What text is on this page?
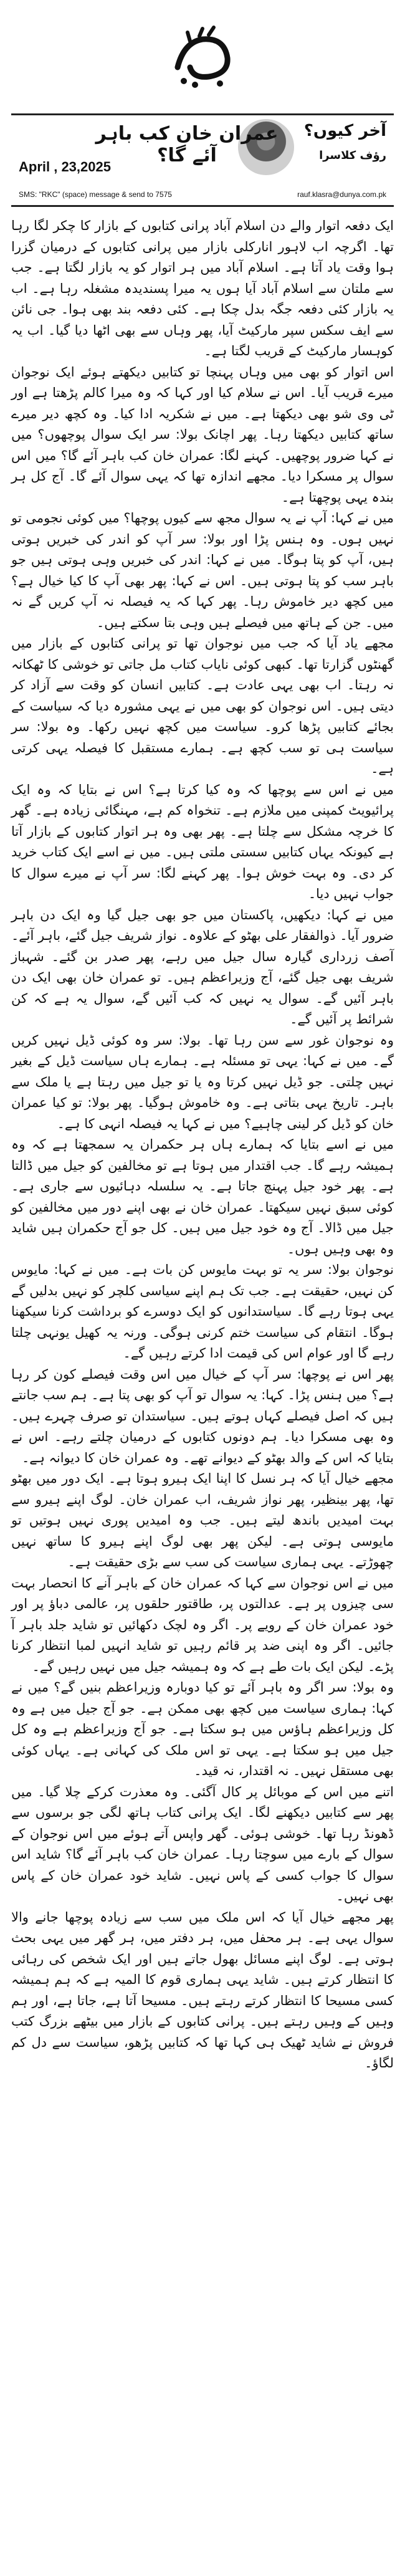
آخر کیوں؟
رؤف کلاسرا
عمران خان کب باہر آئے گا؟
April , 23,2025
SMS: "RKC" (space) message & send to 7575	rauf.klasra@dunya.com.pk

ایک دفعہ اتوار والے دن اسلام آباد پرانی کتابوں کے بازار کا چکر لگا رہا تھا۔ اگرچہ اب لاہور انارکلی بازار میں پرانی کتابوں کے درمیان گزرا ہوا وقت یاد آتا ہے۔ اسلام آباد میں ہر اتوار کو یہ بازار لگتا ہے۔ جب سے ملتان سے اسلام آباد آیا ہوں یہ میرا پسندیدہ مشغلہ رہا ہے۔ اب یہ بازار کئی دفعہ جگہ بدل چکا ہے۔ کئی دفعہ بند بھی ہوا۔ جی نائن سے ایف سکس سپر مارکیٹ آیا، پھر وہاں سے بھی اٹھا دیا گیا۔ اب یہ کوہسار مارکیٹ کے قریب لگتا ہے۔

اس اتوار کو بھی میں وہاں پہنچا تو کتابیں دیکھتے ہوئے ایک نوجوان میرے قریب آیا۔ اس نے سلام کیا اور کہا کہ وہ میرا کالم پڑھتا ہے اور ٹی وی شو بھی دیکھتا ہے۔ میں نے شکریہ ادا کیا۔ وہ کچھ دیر میرے ساتھ کتابیں دیکھتا رہا۔ پھر اچانک بولا: سر ایک سوال پوچھوں؟ میں نے کہا ضرور پوچھیں۔ کہنے لگا: عمران خان کب باہر آئے گا؟ میں اس سوال پر مسکرا دیا۔ مجھے اندازہ تھا کہ یہی سوال آئے گا۔ آج کل ہر بندہ یہی پوچھتا ہے۔

میں نے کہا: آپ نے یہ سوال مجھ سے کیوں پوچھا؟ میں کوئی نجومی تو نہیں ہوں۔ وہ ہنس پڑا اور بولا: سر آپ کو اندر کی خبریں ہوتی ہیں، آپ کو پتا ہوگا۔ میں نے کہا: اندر کی خبریں وہی ہوتی ہیں جو باہر سب کو پتا ہوتی ہیں۔ اس نے کہا: پھر بھی آپ کا کیا خیال ہے؟ میں کچھ دیر خاموش رہا۔ پھر کہا کہ یہ فیصلہ نہ آپ کریں گے نہ میں۔ جن کے ہاتھ میں فیصلے ہیں وہی بتا سکتے ہیں۔

مجھے یاد آیا کہ جب میں نوجوان تھا تو پرانی کتابوں کے بازار میں گھنٹوں گزارتا تھا۔ کبھی کوئی نایاب کتاب مل جاتی تو خوشی کا ٹھکانہ نہ رہتا۔ اب بھی یہی عادت ہے۔ کتابیں انسان کو وقت سے آزاد کر دیتی ہیں۔ اس نوجوان کو بھی میں نے یہی مشورہ دیا کہ سیاست کے بجائے کتابیں پڑھا کرو۔ سیاست میں کچھ نہیں رکھا۔ وہ بولا: سر سیاست ہی تو سب کچھ ہے۔ ہمارے مستقبل کا فیصلہ یہی کرتی ہے۔

میں نے اس سے پوچھا کہ وہ کیا کرتا ہے؟ اس نے بتایا کہ وہ ایک پرائیویٹ کمپنی میں ملازم ہے۔ تنخواہ کم ہے، مہنگائی زیادہ ہے۔ گھر کا خرچہ مشکل سے چلتا ہے۔ پھر بھی وہ ہر اتوار کتابوں کے بازار آتا ہے کیونکہ یہاں کتابیں سستی ملتی ہیں۔ میں نے اسے ایک کتاب خرید کر دی۔ وہ بہت خوش ہوا۔ پھر کہنے لگا: سر آپ نے میرے سوال کا جواب نہیں دیا۔

میں نے کہا: دیکھیں، پاکستان میں جو بھی جیل گیا وہ ایک دن باہر ضرور آیا۔ ذوالفقار علی بھٹو کے علاوہ۔ نواز شریف جیل گئے، باہر آئے۔ آصف زرداری گیارہ سال جیل میں رہے، پھر صدر بن گئے۔ شہباز شریف بھی جیل گئے، آج وزیراعظم ہیں۔ تو عمران خان بھی ایک دن باہر آئیں گے۔ سوال یہ نہیں کہ کب آئیں گے، سوال یہ ہے کہ کن شرائط پر آئیں گے۔

وہ نوجوان غور سے سن رہا تھا۔ بولا: سر وہ کوئی ڈیل نہیں کریں گے۔ میں نے کہا: یہی تو مسئلہ ہے۔ ہمارے ہاں سیاست ڈیل کے بغیر نہیں چلتی۔ جو ڈیل نہیں کرتا وہ یا تو جیل میں رہتا ہے یا ملک سے باہر۔ تاریخ یہی بتاتی ہے۔ وہ خاموش ہوگیا۔ پھر بولا: تو کیا عمران خان کو ڈیل کر لینی چاہیے؟ میں نے کہا یہ فیصلہ انہی کا ہے۔

میں نے اسے بتایا کہ ہمارے ہاں ہر حکمران یہ سمجھتا ہے کہ وہ ہمیشہ رہے گا۔ جب اقتدار میں ہوتا ہے تو مخالفین کو جیل میں ڈالتا ہے۔ پھر خود جیل پہنچ جاتا ہے۔ یہ سلسلہ دہائیوں سے جاری ہے۔ کوئی سبق نہیں سیکھتا۔ عمران خان نے بھی اپنے دور میں مخالفین کو جیل میں ڈالا۔ آج وہ خود جیل میں ہیں۔ کل جو آج حکمران ہیں شاید وہ بھی وہیں ہوں۔

نوجوان بولا: سر یہ تو بہت مایوس کن بات ہے۔ میں نے کہا: مایوس کن نہیں، حقیقت ہے۔ جب تک ہم اپنے سیاسی کلچر کو نہیں بدلیں گے یہی ہوتا رہے گا۔ سیاستدانوں کو ایک دوسرے کو برداشت کرنا سیکھنا ہوگا۔ انتقام کی سیاست ختم کرنی ہوگی۔ ورنہ یہ کھیل یونہی چلتا رہے گا اور عوام اس کی قیمت ادا کرتے رہیں گے۔

پھر اس نے پوچھا: سر آپ کے خیال میں اس وقت فیصلے کون کر رہا ہے؟ میں ہنس پڑا۔ کہا: یہ سوال تو آپ کو بھی پتا ہے۔ ہم سب جانتے ہیں کہ اصل فیصلے کہاں ہوتے ہیں۔ سیاستدان تو صرف چہرے ہیں۔ وہ بھی مسکرا دیا۔ ہم دونوں کتابوں کے درمیان چلتے رہے۔ اس نے بتایا کہ اس کے والد بھٹو کے دیوانے تھے۔ وہ عمران خان کا دیوانہ ہے۔

مجھے خیال آیا کہ ہر نسل کا اپنا ایک ہیرو ہوتا ہے۔ ایک دور میں بھٹو تھا، پھر بینظیر، پھر نواز شریف، اب عمران خان۔ لوگ اپنے ہیرو سے بہت امیدیں باندھ لیتے ہیں۔ جب وہ امیدیں پوری نہیں ہوتیں تو مایوسی ہوتی ہے۔ لیکن پھر بھی لوگ اپنے ہیرو کا ساتھ نہیں چھوڑتے۔ یہی ہماری سیاست کی سب سے بڑی حقیقت ہے۔

میں نے اس نوجوان سے کہا کہ عمران خان کے باہر آنے کا انحصار بہت سی چیزوں پر ہے۔ عدالتوں پر، طاقتور حلقوں پر، عالمی دباؤ پر اور خود عمران خان کے رویے پر۔ اگر وہ لچک دکھائیں تو شاید جلد باہر آ جائیں۔ اگر وہ اپنی ضد پر قائم رہیں تو شاید انہیں لمبا انتظار کرنا پڑے۔ لیکن ایک بات طے ہے کہ وہ ہمیشہ جیل میں نہیں رہیں گے۔

وہ بولا: سر اگر وہ باہر آئے تو کیا دوبارہ وزیراعظم بنیں گے؟ میں نے کہا: ہماری سیاست میں کچھ بھی ممکن ہے۔ جو آج جیل میں ہے وہ کل وزیراعظم ہاؤس میں ہو سکتا ہے۔ جو آج وزیراعظم ہے وہ کل جیل میں ہو سکتا ہے۔ یہی تو اس ملک کی کہانی ہے۔ یہاں کوئی بھی مستقل نہیں۔ نہ اقتدار، نہ قید۔

اتنے میں اس کے موبائل پر کال آگئی۔ وہ معذرت کرکے چلا گیا۔ میں پھر سے کتابیں دیکھنے لگا۔ ایک پرانی کتاب ہاتھ لگی جو برسوں سے ڈھونڈ رہا تھا۔ خوشی ہوئی۔ گھر واپس آتے ہوئے میں اس نوجوان کے سوال کے بارے میں سوچتا رہا۔ عمران خان کب باہر آئے گا؟ شاید اس سوال کا جواب کسی کے پاس نہیں۔ شاید خود عمران خان کے پاس بھی نہیں۔

پھر مجھے خیال آیا کہ اس ملک میں سب سے زیادہ پوچھا جانے والا سوال یہی ہے۔ ہر محفل میں، ہر دفتر میں، ہر گھر میں یہی بحث ہوتی ہے۔ لوگ اپنے مسائل بھول جاتے ہیں اور ایک شخص کی رہائی کا انتظار کرتے ہیں۔ شاید یہی ہماری قوم کا المیہ ہے کہ ہم ہمیشہ کسی مسیحا کا انتظار کرتے رہتے ہیں۔ مسیحا آتا ہے، جاتا ہے، اور ہم وہیں کے وہیں رہتے ہیں۔ پرانی کتابوں کے بازار میں بیٹھے بزرگ کتب فروش نے شاید ٹھیک ہی کہا تھا کہ کتابیں پڑھو، سیاست سے دل کم لگاؤ۔
